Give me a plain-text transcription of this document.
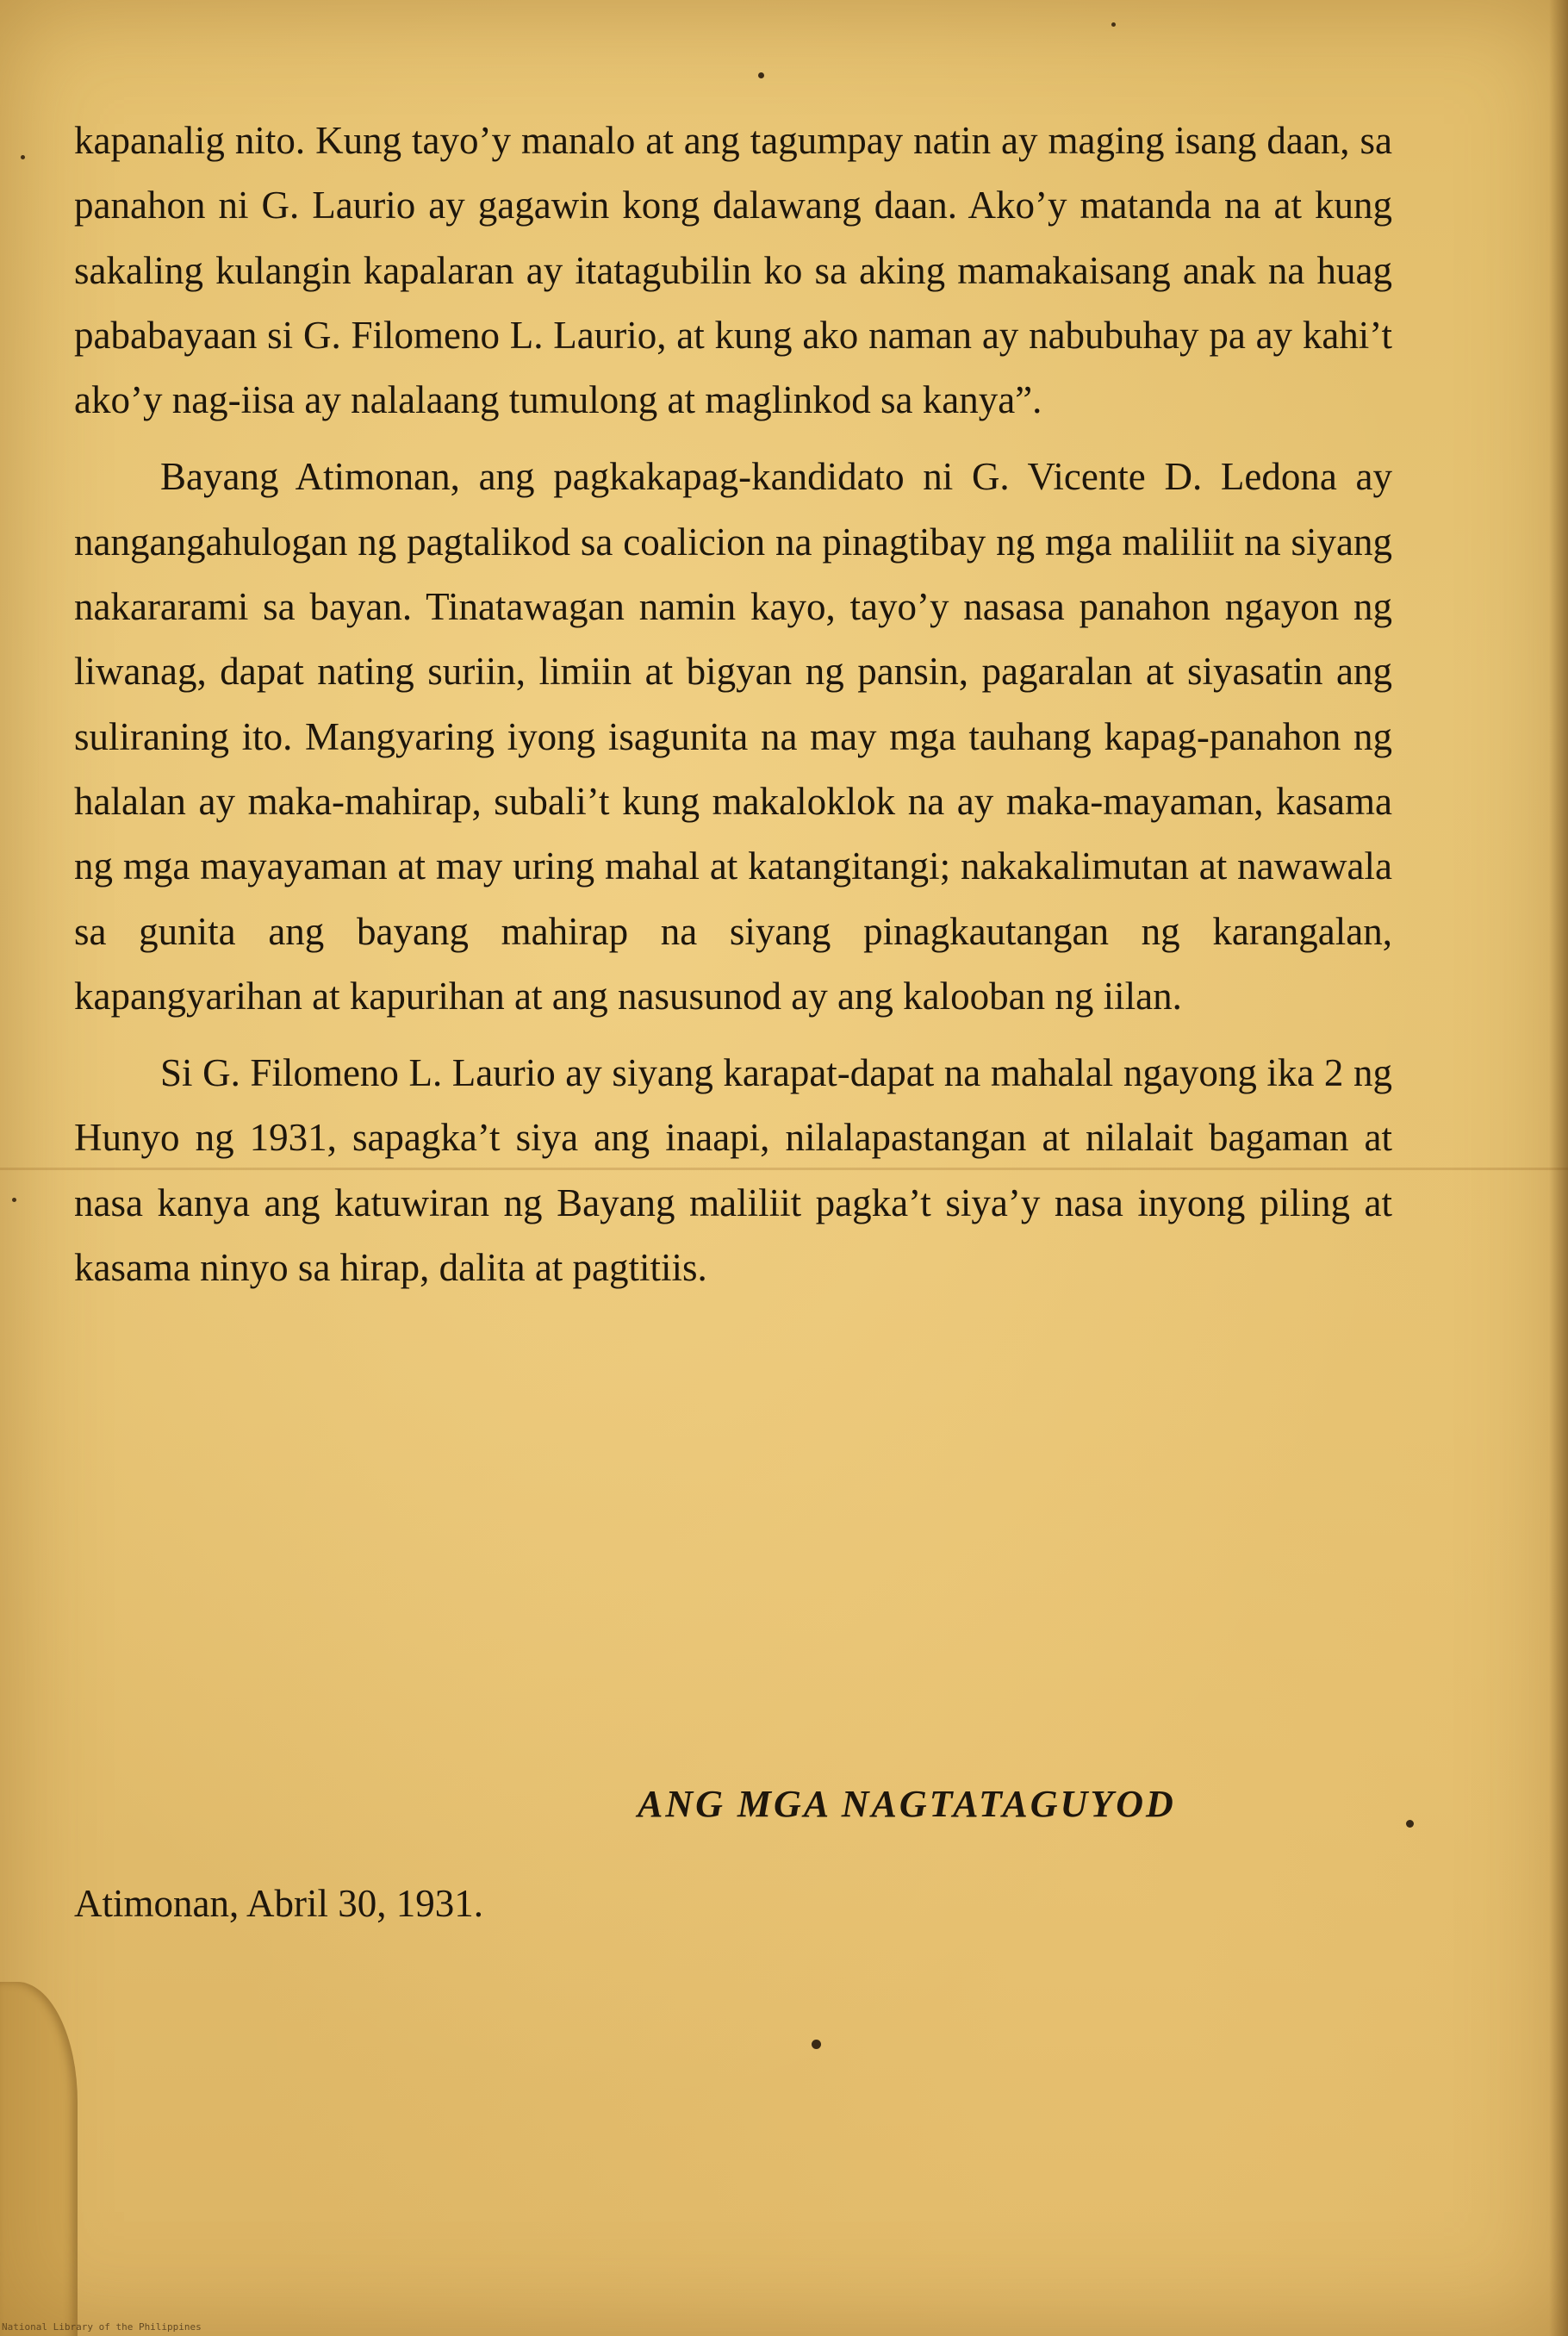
kapanalig nito. Kung tayo’y manalo at ang tagumpay natin ay maging isang daan, sa panahon ni G. Laurio ay gagawin kong dalawang daan. Ako’y matanda na at kung sakaling kulangin kapalaran ay itatagubilin ko sa aking mamakaisang anak na huag pababayaan si G. Filomeno L. Laurio, at kung ako naman ay nabubuhay pa ay kahi’t ako’y nag-iisa ay nalalaang tumulong at maglinkod sa kanya”.

Bayang Atimonan, ang pagkakapag-kandidato ni G. Vicente D. Ledona ay nangangahulogan ng pagtalikod sa coalicion na pinagtibay ng mga maliliit na siyang nakararami sa bayan. Tinatawagan namin kayo, tayo’y nasasa panahon ngayon ng liwanag, dapat nating suriin, limiin at bigyan ng pansin, pagaralan at siyasatin ang suliraning ito. Mangyaring iyong isagunita na may mga tauhang kapag-panahon ng halalan ay maka-mahirap, subali’t kung makaloklok na ay maka-mayaman, kasama ng mga mayayaman at may uring mahal at katangitangi; nakakalimutan at nawawala sa gunita ang bayang mahirap na siyang pinagkautangan ng karangalan, kapangyarihan at kapurihan at ang nasusunod ay ang kalooban ng iilan.

Si G. Filomeno L. Laurio ay siyang karapat-dapat na mahalal ngayong ika 2 ng Hunyo ng 1931, sapagka’t siya ang inaapi, nilalapastangan at nilalait bagaman at nasa kanya ang katuwiran ng Bayang maliliit pagka’t siya’y nasa inyong piling at kasama ninyo sa hirap, dalita at pagtitiis.

ANG MGA NAGTATAGUYOD

Atimonan, Abril 30, 1931.

National Library of the Philippines
